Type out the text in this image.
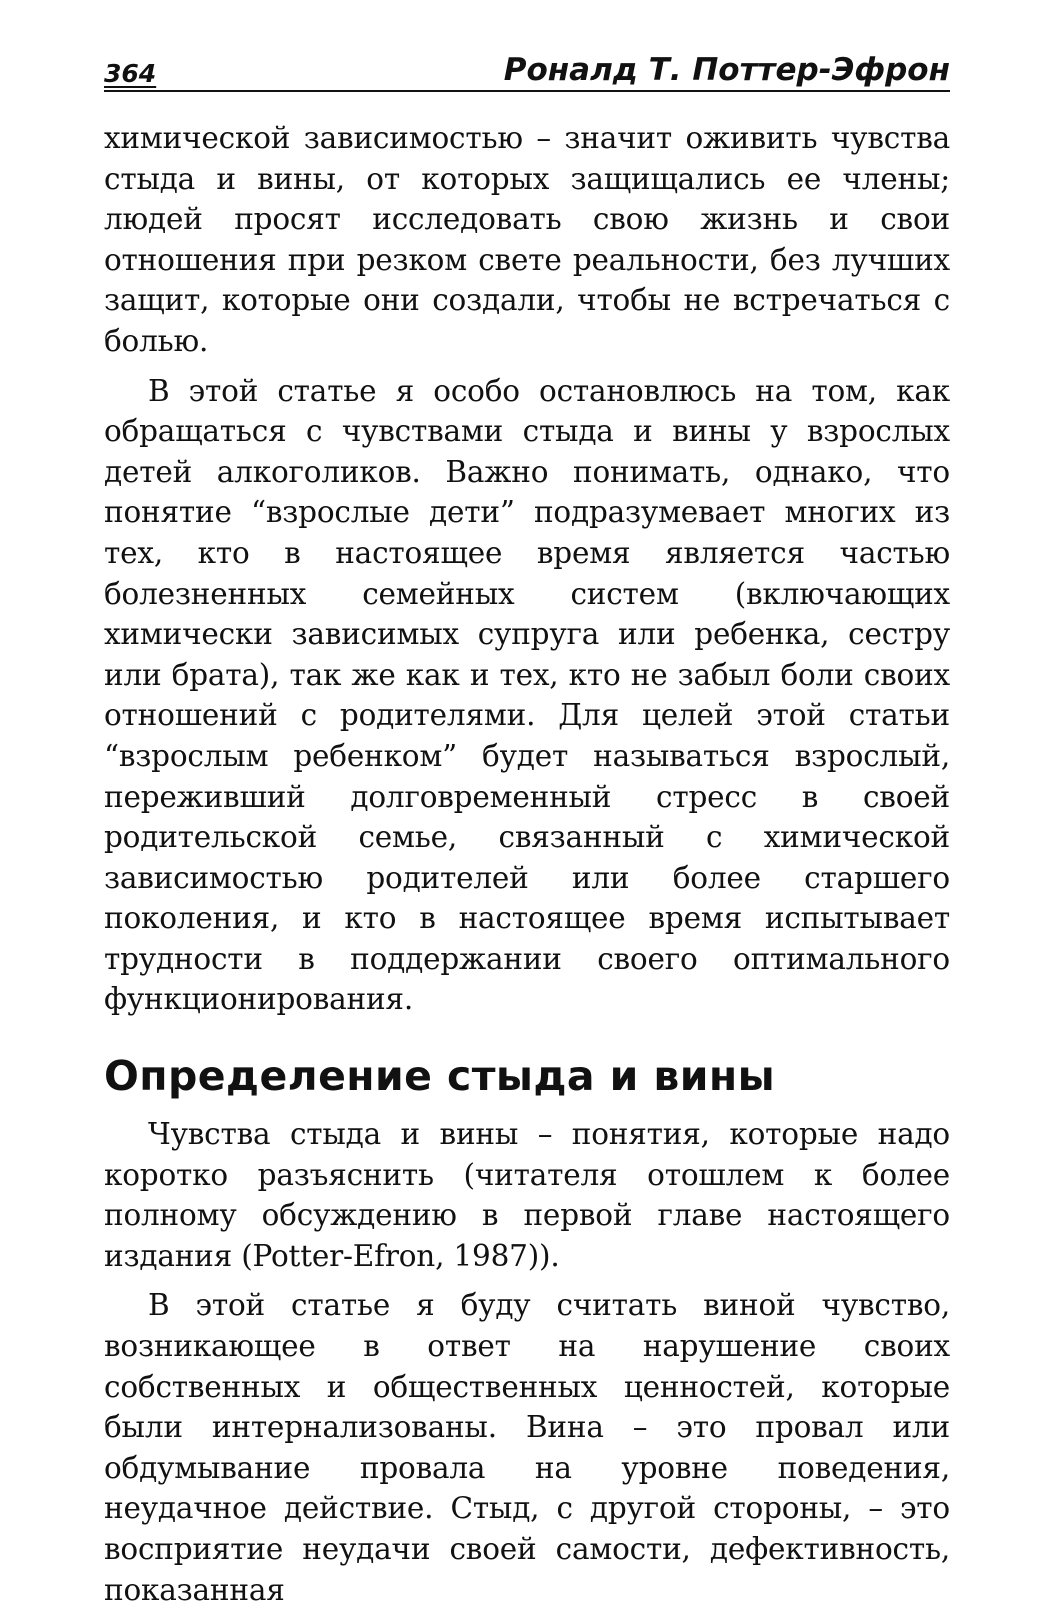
364	Роналд Т. Поттер-Эфрон

химической зависимостью – значит оживить чувства стыда и вины, от которых защищались ее члены; людей просят исследовать свою жизнь и свои отношения при резком свете реальности, без лучших защит, которые они создали, чтобы не встречаться с болью.

В этой статье я особо остановлюсь на том, как обращаться с чувствами стыда и вины у взрослых детей алкоголиков. Важно понимать, однако, что понятие “взрослые дети” подразумевает многих из тех, кто в настоящее время является частью болезненных семейных систем (включающих химически зависимых супруга или ребенка, сестру или брата), так же как и тех, кто не забыл боли своих отношений с родителями. Для целей этой статьи “взрослым ребенком” будет называться взрослый, переживший долговременный стресс в своей родительской семье, связанный с химической зависимостью родителей или более старшего поколения, и кто в настоящее время испытывает трудности в поддержании своего оптимального функционирования.

Определение стыда и вины

Чувства стыда и вины – понятия, которые надо коротко разъяснить (читателя отошлем к более полному обсуждению в первой главе настоящего издания (Potter-Efron, 1987)).

В этой статье я буду считать виной чувство, возникающее в ответ на нарушение своих собственных и общественных ценностей, которые были интернализованы. Вина – это провал или обдумывание провала на уровне поведения, неудачное действие. Стыд, с другой стороны, – это восприятие неудачи своей самости, дефективность, показанная
